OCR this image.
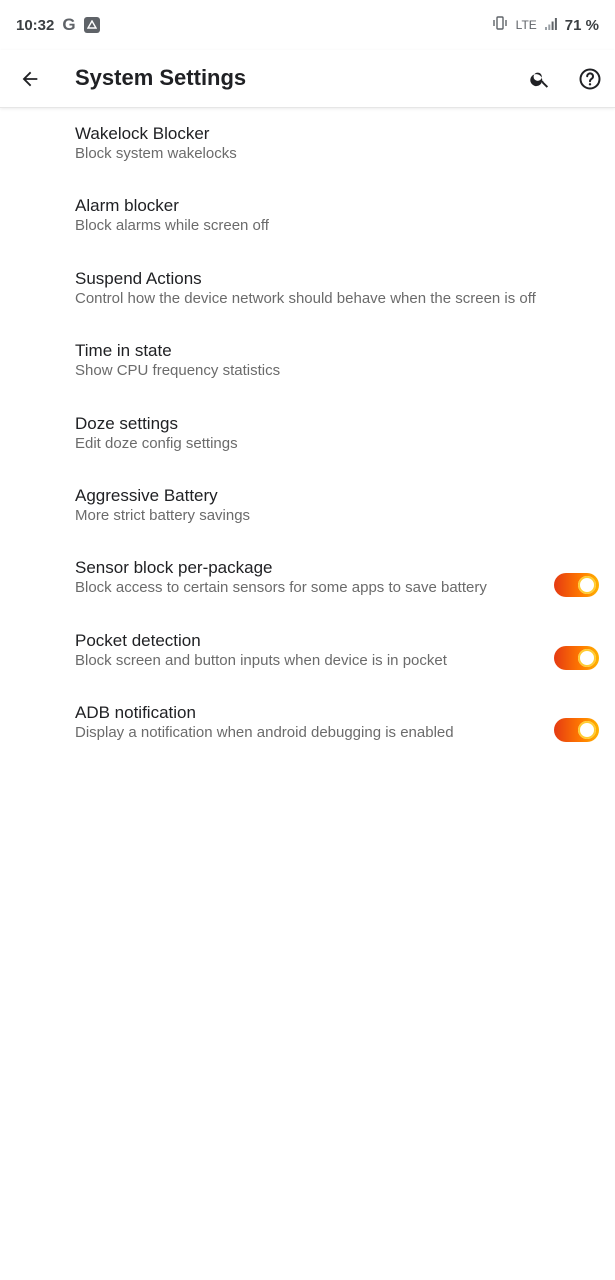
10:32 G	LTE 71 %
System Settings
Wakelock Blocker
Block system wakelocks
Alarm blocker
Block alarms while screen off
Suspend Actions
Control how the device network should behave when the screen is off
Time in state
Show CPU frequency statistics
Doze settings
Edit doze config settings
Aggressive Battery
More strict battery savings
Sensor block per-package
Block access to certain sensors for some apps to save battery
Pocket detection
Block screen and button inputs when device is in pocket
ADB notification
Display a notification when android debugging is enabled
